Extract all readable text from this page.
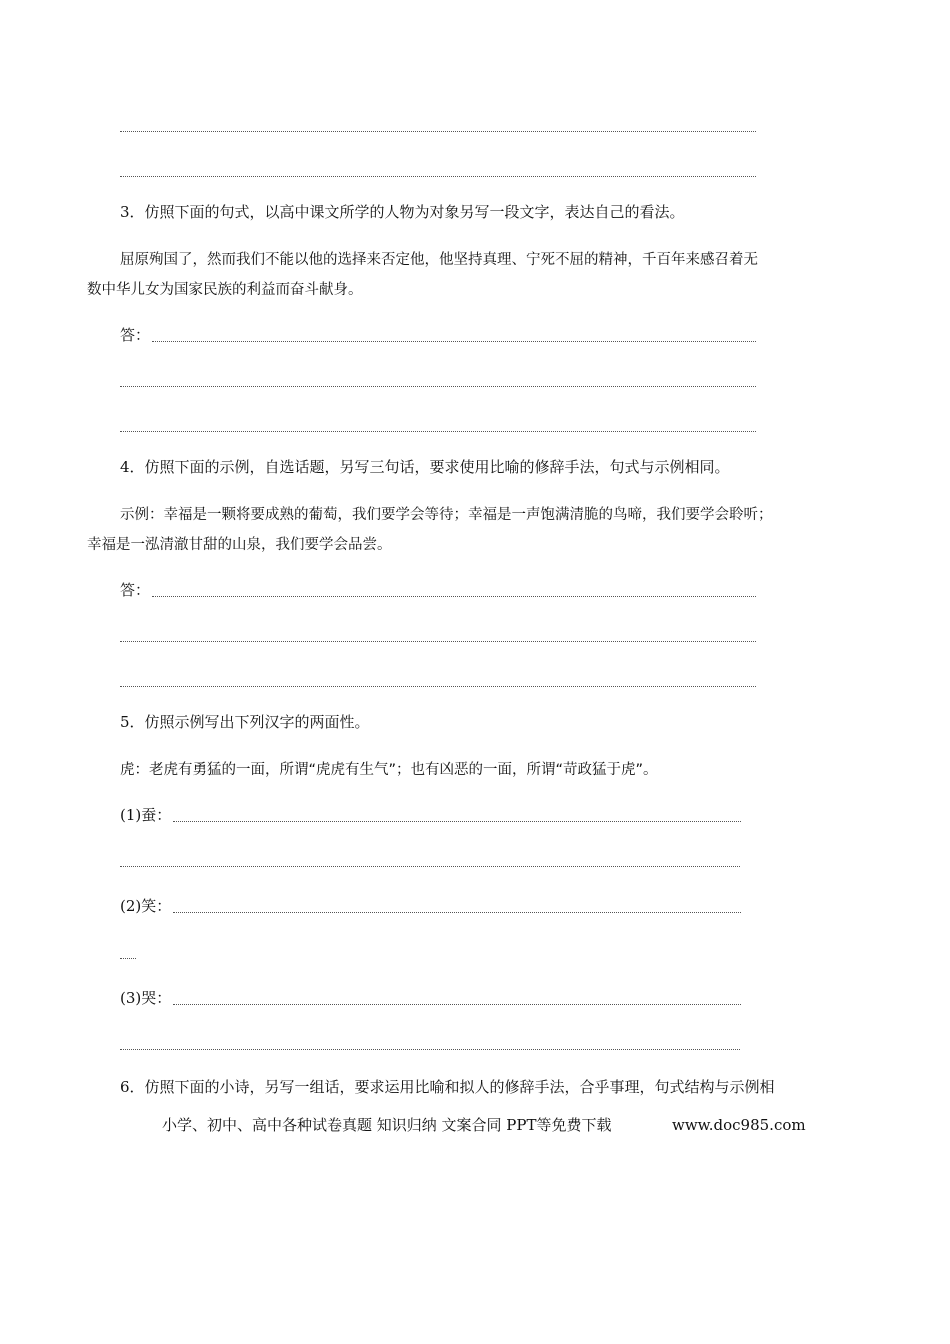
3．仿照下面的句式，以高中课文所学的人物为对象另写一段文字，表达自己的看法。
屈原殉国了，然而我们不能以他的选择来否定他，他坚持真理、宁死不屈的精神，千百年来感召着无
数中华儿女为国家民族的利益而奋斗献身。
答：
4．仿照下面的示例，自选话题，另写三句话，要求使用比喻的修辞手法，句式与示例相同。
示例：幸福是一颗将要成熟的葡萄，我们要学会等待；幸福是一声饱满清脆的鸟啼，我们要学会聆听；
幸福是一泓清澈甘甜的山泉，我们要学会品尝。
答：
5．仿照示例写出下列汉字的两面性。
虎：老虎有勇猛的一面，所谓“虎虎有生气”；也有凶恶的一面，所谓“苛政猛于虎”。
(1)蚕：
(2)笑：
(3)哭：
6．仿照下面的小诗，另写一组话，要求运用比喻和拟人的修辞手法，合乎事理，句式结构与示例相
小学、初中、高中各种试卷真题 知识归纳 文案合同 PPT等免费下载	www.doc985.com
